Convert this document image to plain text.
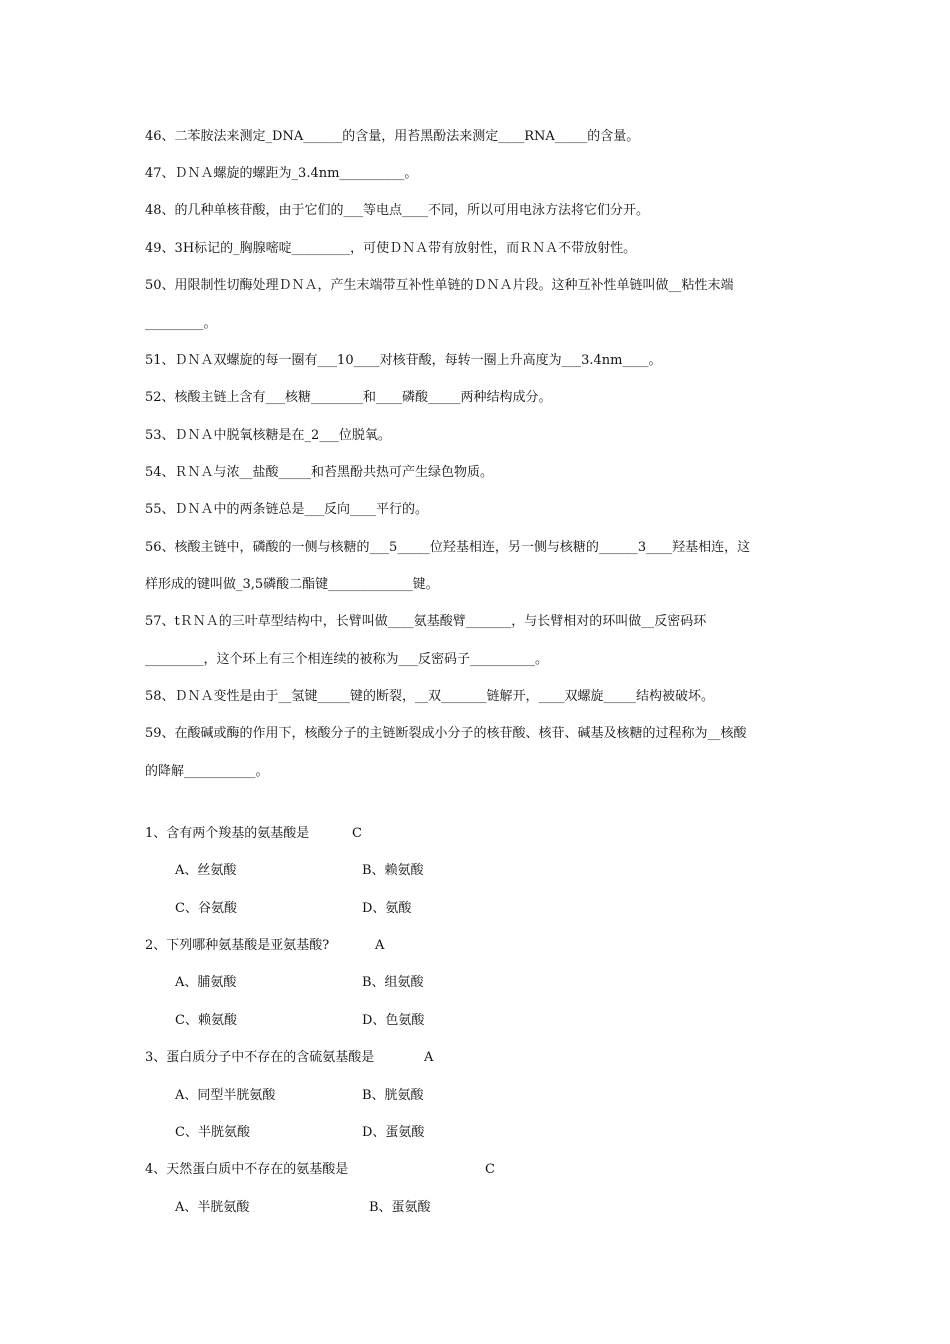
46、二苯胺法来测定_DNA______的含量，用苔黑酚法来测定____RNA_____的含量。
47、ＤＮＡ螺旋的螺距为_3.4nm__________。
48、的几种单核苷酸，由于它们的___等电点____不同，所以可用电泳方法将它们分开。
49、3H标记的_胸腺嘧啶_________，可使ＤＮＡ带有放射性，而ＲＮＡ不带放射性。
50、用限制性切酶处理ＤＮＡ，产生末端带互补性单链的ＤＮＡ片段。这种互补性单链叫做__粘性末端
_________。
51、ＤＮＡ双螺旋的每一圈有___10____对核苷酸，每转一圈上升高度为___3.4nm____。
52、核酸主链上含有___核糖________和____磷酸_____两种结构成分。
53、ＤＮＡ中脱氧核糖是在_2___位脱氧。
54、ＲＮＡ与浓__盐酸_____和苔黑酚共热可产生绿色物质。
55、ＤＮＡ中的两条链总是___反向____平行的。
56、核酸主链中，磷酸的一侧与核糖的___5_____位羟基相连，另一侧与核糖的______3____羟基相连，这
样形成的键叫做_3,5磷酸二酯键_____________键。
57、tＲＮＡ的三叶草型结构中，长臂叫做____氨基酸臂_______，与长臂相对的环叫做__反密码环
_________，这个环上有三个相连续的被称为___反密码子__________。
58、ＤＮＡ变性是由于__氢键_____键的断裂，__双_______链解开，____双螺旋_____结构被破坏。
59、在酸碱或酶的作用下，核酸分子的主链断裂成小分子的核苷酸、核苷、碱基及核糖的过程称为__核酸
的降解___________。
1、含有两个羧基的氨基酸是	C
A、丝氨酸	B、赖氨酸
C、谷氨酸	D、氨酸
2、下列哪种氨基酸是亚氨基酸?	A
A、脯氨酸	B、组氨酸
C、赖氨酸	D、色氨酸
3、蛋白质分子中不存在的含硫氨基酸是	A
A、同型半胱氨酸	B、胱氨酸
C、半胱氨酸	D、蛋氨酸
4、天然蛋白质中不存在的氨基酸是	C
A、半胱氨酸	B、蛋氨酸
